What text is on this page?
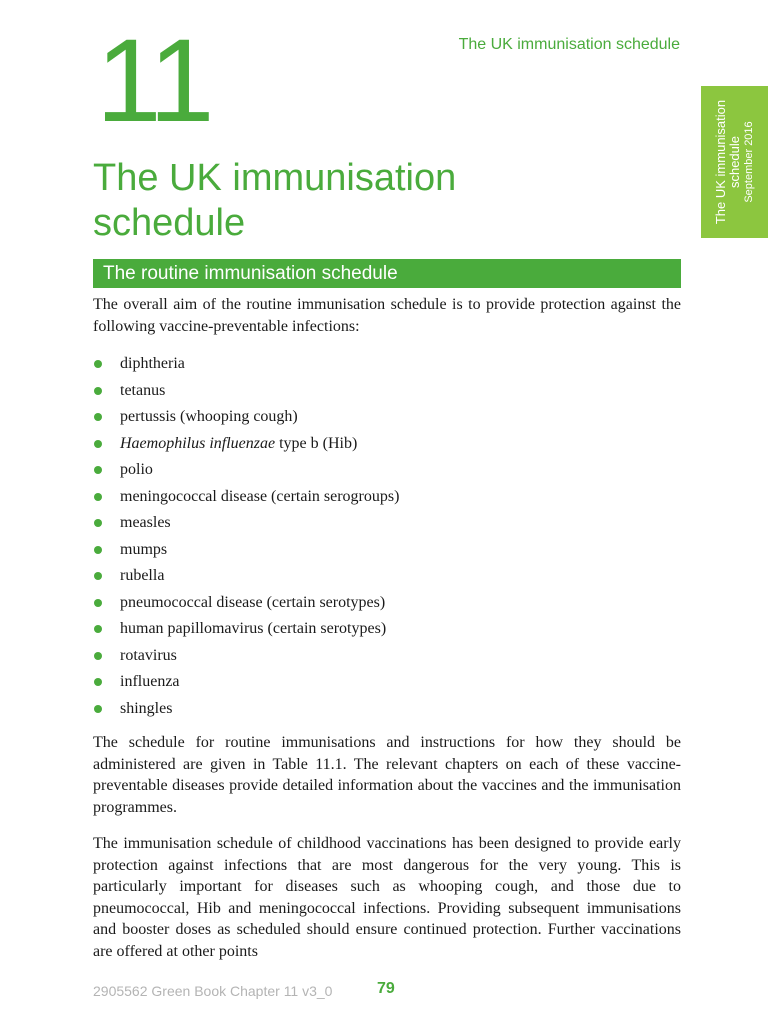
11	The UK immunisation schedule
The UK immunisation schedule September 2016
The UK immunisation
schedule
The routine immunisation schedule

The overall aim of the routine immunisation schedule is to provide protection against the following vaccine-preventable infections:

diphtheria
tetanus
pertussis (whooping cough)
Haemophilus influenzae type b (Hib)
polio
meningococcal disease (certain serogroups)
measles
mumps
rubella
pneumococcal disease (certain serotypes)
human papillomavirus (certain serotypes)
rotavirus
influenza
shingles

The schedule for routine immunisations and instructions for how they should be administered are given in Table 11.1. The relevant chapters on each of these vaccine-preventable diseases provide detailed information about the vaccines and the immunisation programmes.

The immunisation schedule of childhood vaccinations has been designed to provide early protection against infections that are most dangerous for the very young. This is particularly important for diseases such as whooping cough, and those due to pneumococcal, Hib and meningococcal infections. Providing subsequent immunisations and booster doses as scheduled should ensure continued protection. Further vaccinations are offered at other points

2905562 Green Book Chapter 11 v3_0	79
